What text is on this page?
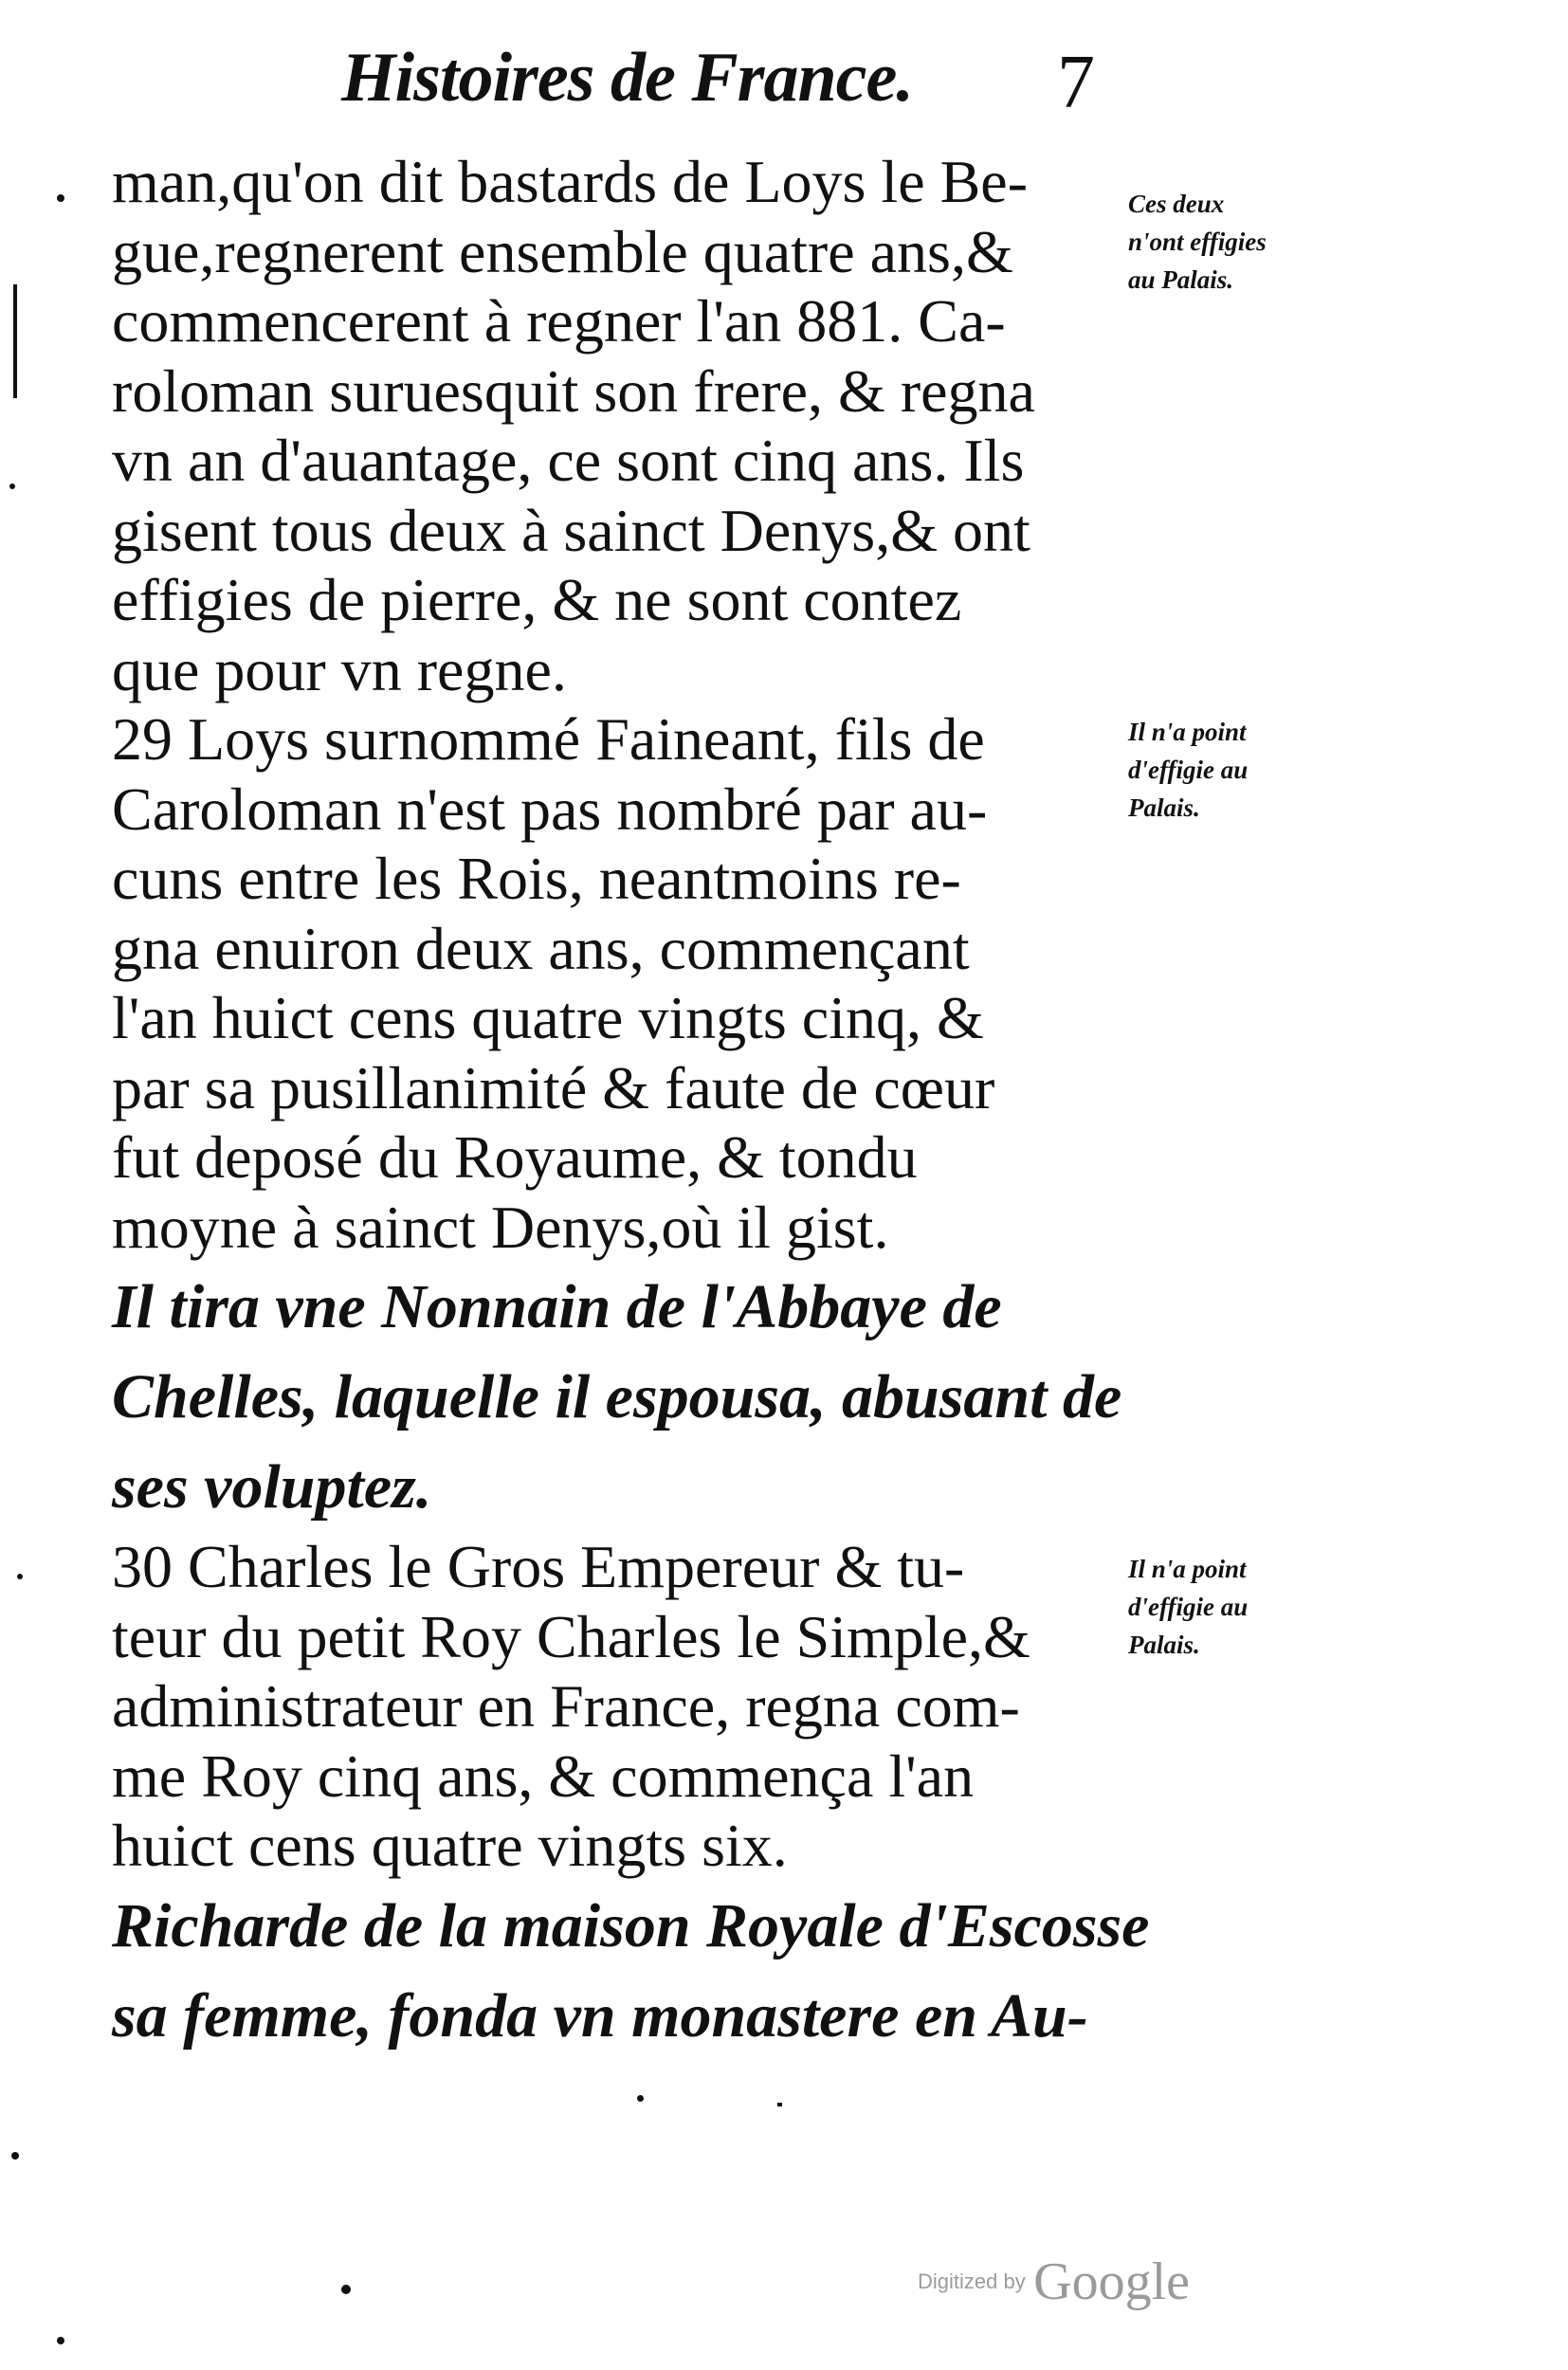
Histoires de France. 7
man,qu'on dit bastards de Loys le Be-
gue,regnerent ensemble quatre ans,&
commencerent à regner l'an 881. Ca-
roloman suruesquit son frere, & regna
vn an d'auantage, ce sont cinq ans. Ils
gisent tous deux à sainct Denys,& ont
effigies de pierre, & ne sont contez
que pour vn regne.
29 Loys surnommé Faineant, fils de
Caroloman n'est pas nombré par au-
cuns entre les Rois, neantmoins re-
gna enuiron deux ans, commençant
l'an huict cens quatre vingts cinq, &
par sa pusillanimité & faute de cœur
fut deposé du Royaume, & tondu
moyne à sainct Denys,où il gist.
Il tira vne Nonnain de l'Abbaye de
Chelles, laquelle il espousa, abusant de
ses voluptez.
30 Charles le Gros Empereur & tu-
teur du petit Roy Charles le Simple,&
administrateur en France, regna com-
me Roy cinq ans, & commença l'an
huict cens quatre vingts six.
Richarde de la maison Royale d'Escosse
sa femme, fonda vn monastere en Au-
Ces deux
n'ont effigies
au Palais.
Il n'a point
d'effigie au
Palais.
Il n'a point
d'effigie au
Palais.
Digitized by Google
